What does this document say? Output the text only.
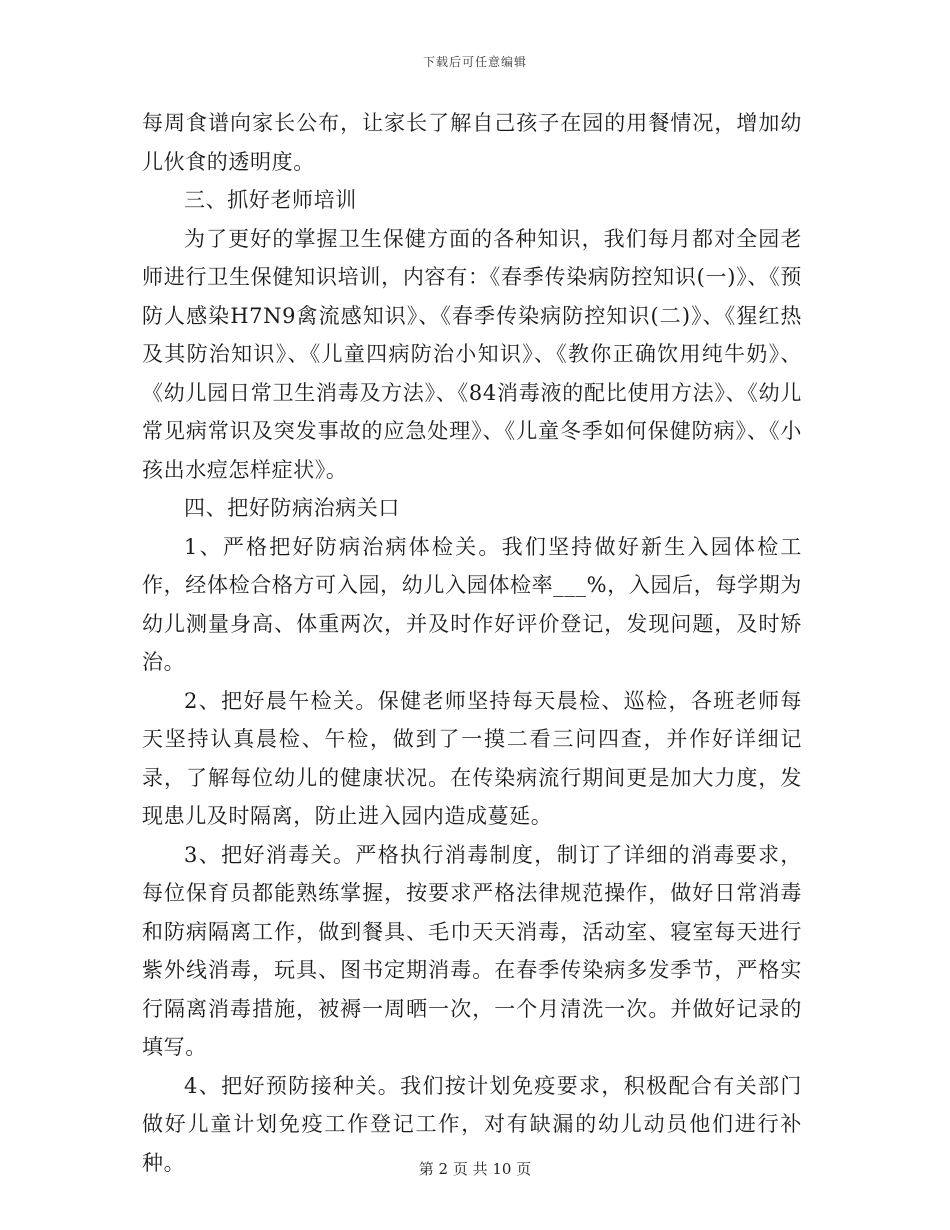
下载后可任意编辑

每周食谱向家长公布，让家长了解自己孩子在园的用餐情况，增加幼儿伙食的透明度。

三、抓好老师培训

为了更好的掌握卫生保健方面的各种知识，我们每月都对全园老师进行卫生保健知识培训，内容有：《春季传染病防控知识(一)》、《预防人感染H7N9禽流感知识》、《春季传染病防控知识(二)》、《猩红热及其防治知识》、《儿童四病防治小知识》、《教你正确饮用纯牛奶》、《幼儿园日常卫生消毒及方法》、《84消毒液的配比使用方法》、《幼儿常见病常识及突发事故的应急处理》、《儿童冬季如何保健防病》、《小孩出水痘怎样症状》。

四、把好防病治病关口

1、严格把好防病治病体检关。我们坚持做好新生入园体检工作，经体检合格方可入园，幼儿入园体检率___%，入园后，每学期为幼儿测量身高、体重两次，并及时作好评价登记，发现问题，及时矫治。

2、把好晨午检关。保健老师坚持每天晨检、巡检，各班老师每天坚持认真晨检、午检，做到了一摸二看三问四查，并作好详细记录，了解每位幼儿的健康状况。在传染病流行期间更是加大力度，发现患儿及时隔离，防止进入园内造成蔓延。

3、把好消毒关。严格执行消毒制度，制订了详细的消毒要求，每位保育员都能熟练掌握，按要求严格法律规范操作，做好日常消毒和防病隔离工作，做到餐具、毛巾天天消毒，活动室、寝室每天进行紫外线消毒，玩具、图书定期消毒。在春季传染病多发季节，严格实行隔离消毒措施，被褥一周晒一次，一个月清洗一次。并做好记录的填写。

4、把好预防接种关。我们按计划免疫要求，积极配合有关部门做好儿童计划免疫工作登记工作，对有缺漏的幼儿动员他们进行补种。	第 2 页 共 10 页
